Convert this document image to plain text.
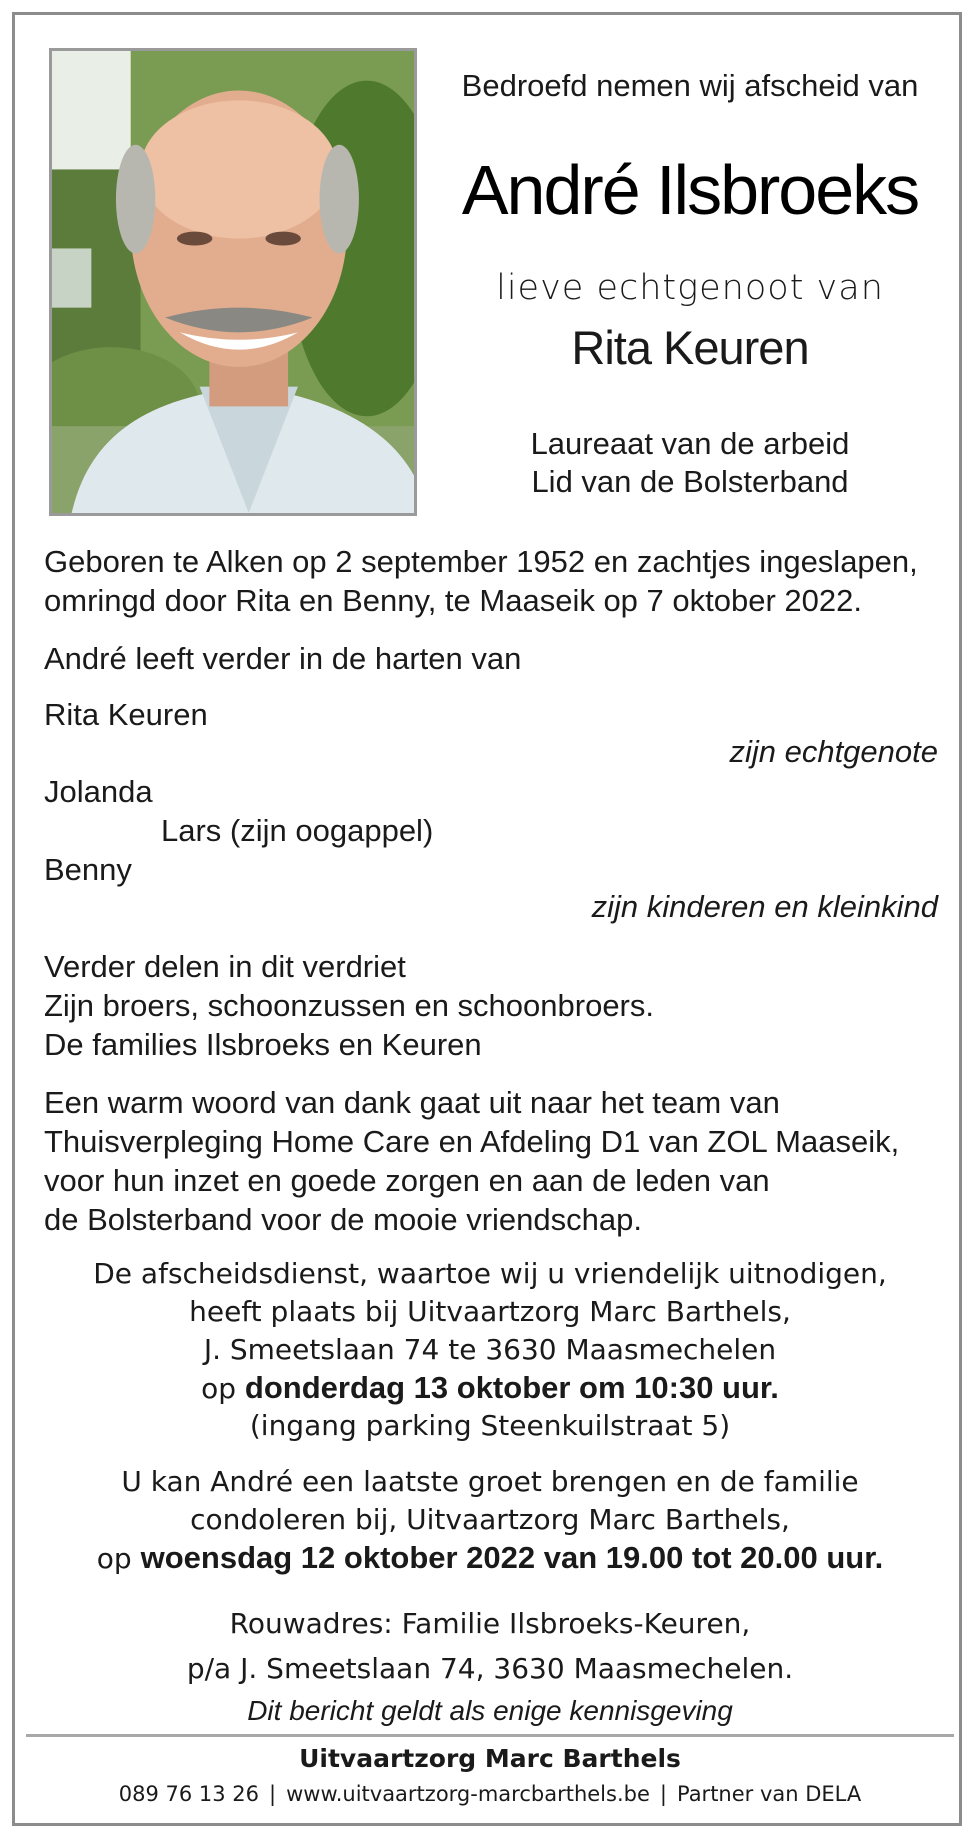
Bedroefd nemen wij afscheid van
André Ilsbroeks
lieve echtgenoot van
Rita Keuren
Laureaat van de arbeid
Lid van de Bolsterband
Geboren te Alken op 2 september 1952 en zachtjes ingeslapen,
omringd door Rita en Benny, te Maaseik op 7 oktober 2022.
André leeft verder in de harten van
Rita Keuren
zijn echtgenote
Jolanda
Lars (zijn oogappel)
Benny
zijn kinderen en kleinkind
Verder delen in dit verdriet
Zijn broers, schoonzussen en schoonbroers.
De families Ilsbroeks en Keuren
Een warm woord van dank gaat uit naar het team van
Thuisverpleging Home Care en Afdeling D1 van ZOL Maaseik,
voor hun inzet en goede zorgen en aan de leden van
de Bolsterband voor de mooie vriendschap.
De afscheidsdienst, waartoe wij u vriendelijk uitnodigen,
heeft plaats bij Uitvaartzorg Marc Barthels,
J. Smeetslaan 74 te 3630 Maasmechelen
op donderdag 13 oktober om 10:30 uur.
(ingang parking Steenkuilstraat 5)
U kan André een laatste groet brengen en de familie
condoleren bij, Uitvaartzorg Marc Barthels,
op woensdag 12 oktober 2022 van 19.00 tot 20.00 uur.
Rouwadres: Familie Ilsbroeks-Keuren,
p/a J. Smeetslaan 74, 3630 Maasmechelen.
Dit bericht geldt als enige kennisgeving
Uitvaartzorg Marc Barthels
089 76 13 26 | www.uitvaartzorg-marcbarthels.be | Partner van DELA
